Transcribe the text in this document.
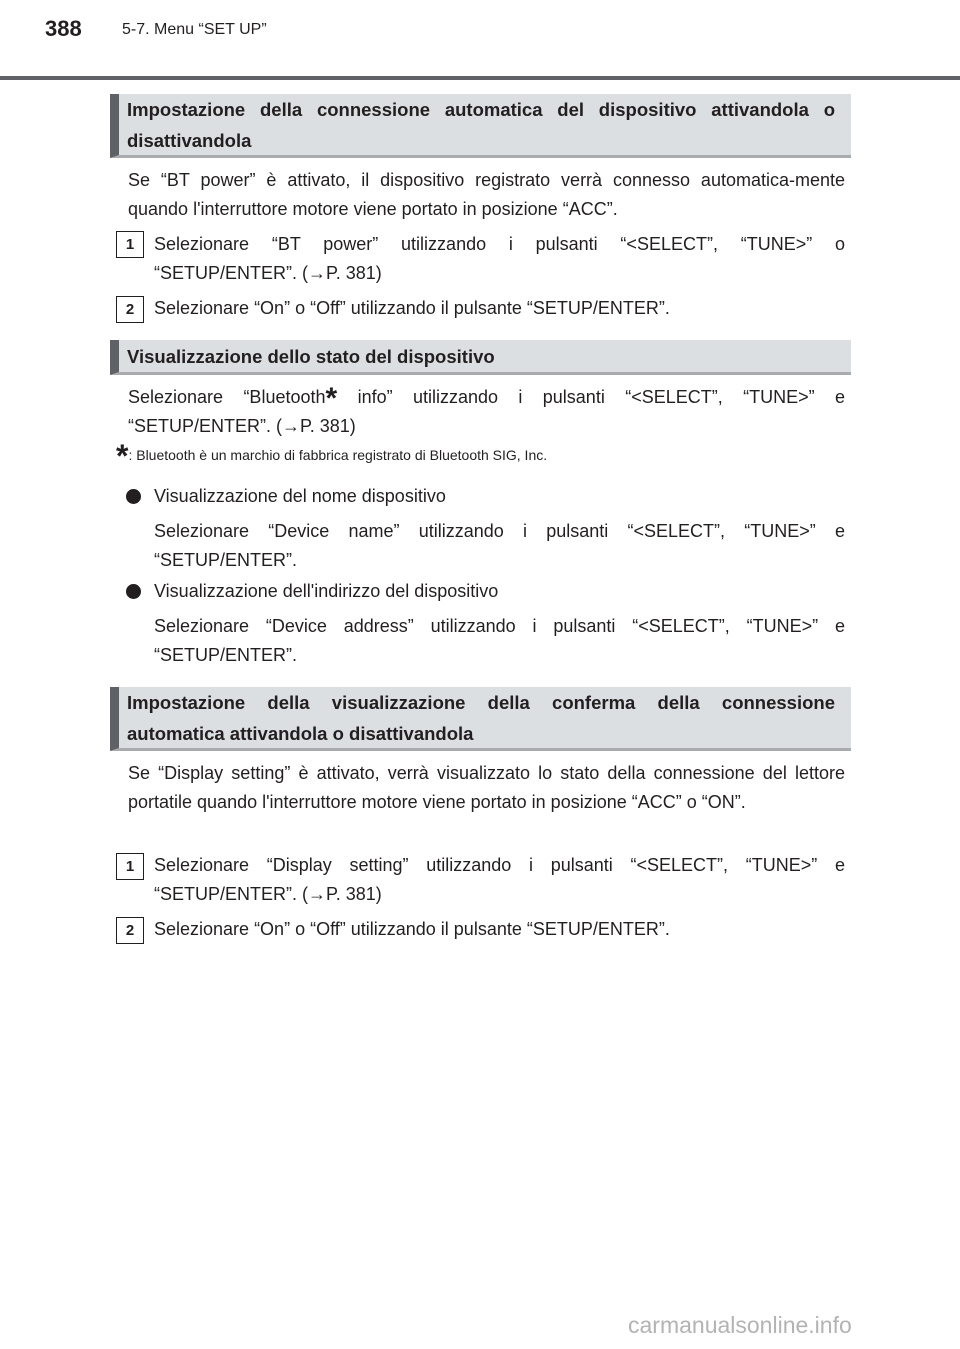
388	5-7. Menu “SET UP”
Impostazione della connessione automatica del dispositivo attivandola o disattivandola
Se “BT power” è attivato, il dispositivo registrato verrà connesso automatica-mente quando l'interruttore motore viene portato in posizione “ACC”.
1	Selezionare “BT power” utilizzando i pulsanti “<SELECT”, “TUNE>” o “SETUP/ENTER”. (→P. 381)
2	Selezionare “On” o “Off” utilizzando il pulsante “SETUP/ENTER”.
Visualizzazione dello stato del dispositivo
Selezionare “Bluetooth* info” utilizzando i pulsanti “<SELECT”, “TUNE>” e “SETUP/ENTER”. (→P. 381)
*: Bluetooth è un marchio di fabbrica registrato di Bluetooth SIG, Inc.
Visualizzazione del nome dispositivo
Selezionare “Device name” utilizzando i pulsanti “<SELECT”, “TUNE>” e “SETUP/ENTER”.
Visualizzazione dell'indirizzo del dispositivo
Selezionare “Device address” utilizzando i pulsanti “<SELECT”, “TUNE>” e “SETUP/ENTER”.
Impostazione della visualizzazione della conferma della connessione automatica attivandola o disattivandola
Se “Display setting” è attivato, verrà visualizzato lo stato della connessione del lettore portatile quando l'interruttore motore viene portato in posizione “ACC” o “ON”.
1	Selezionare “Display setting” utilizzando i pulsanti “<SELECT”, “TUNE>” e “SETUP/ENTER”. (→P. 381)
2	Selezionare “On” o “Off” utilizzando il pulsante “SETUP/ENTER”.
carmanualsonline.info
